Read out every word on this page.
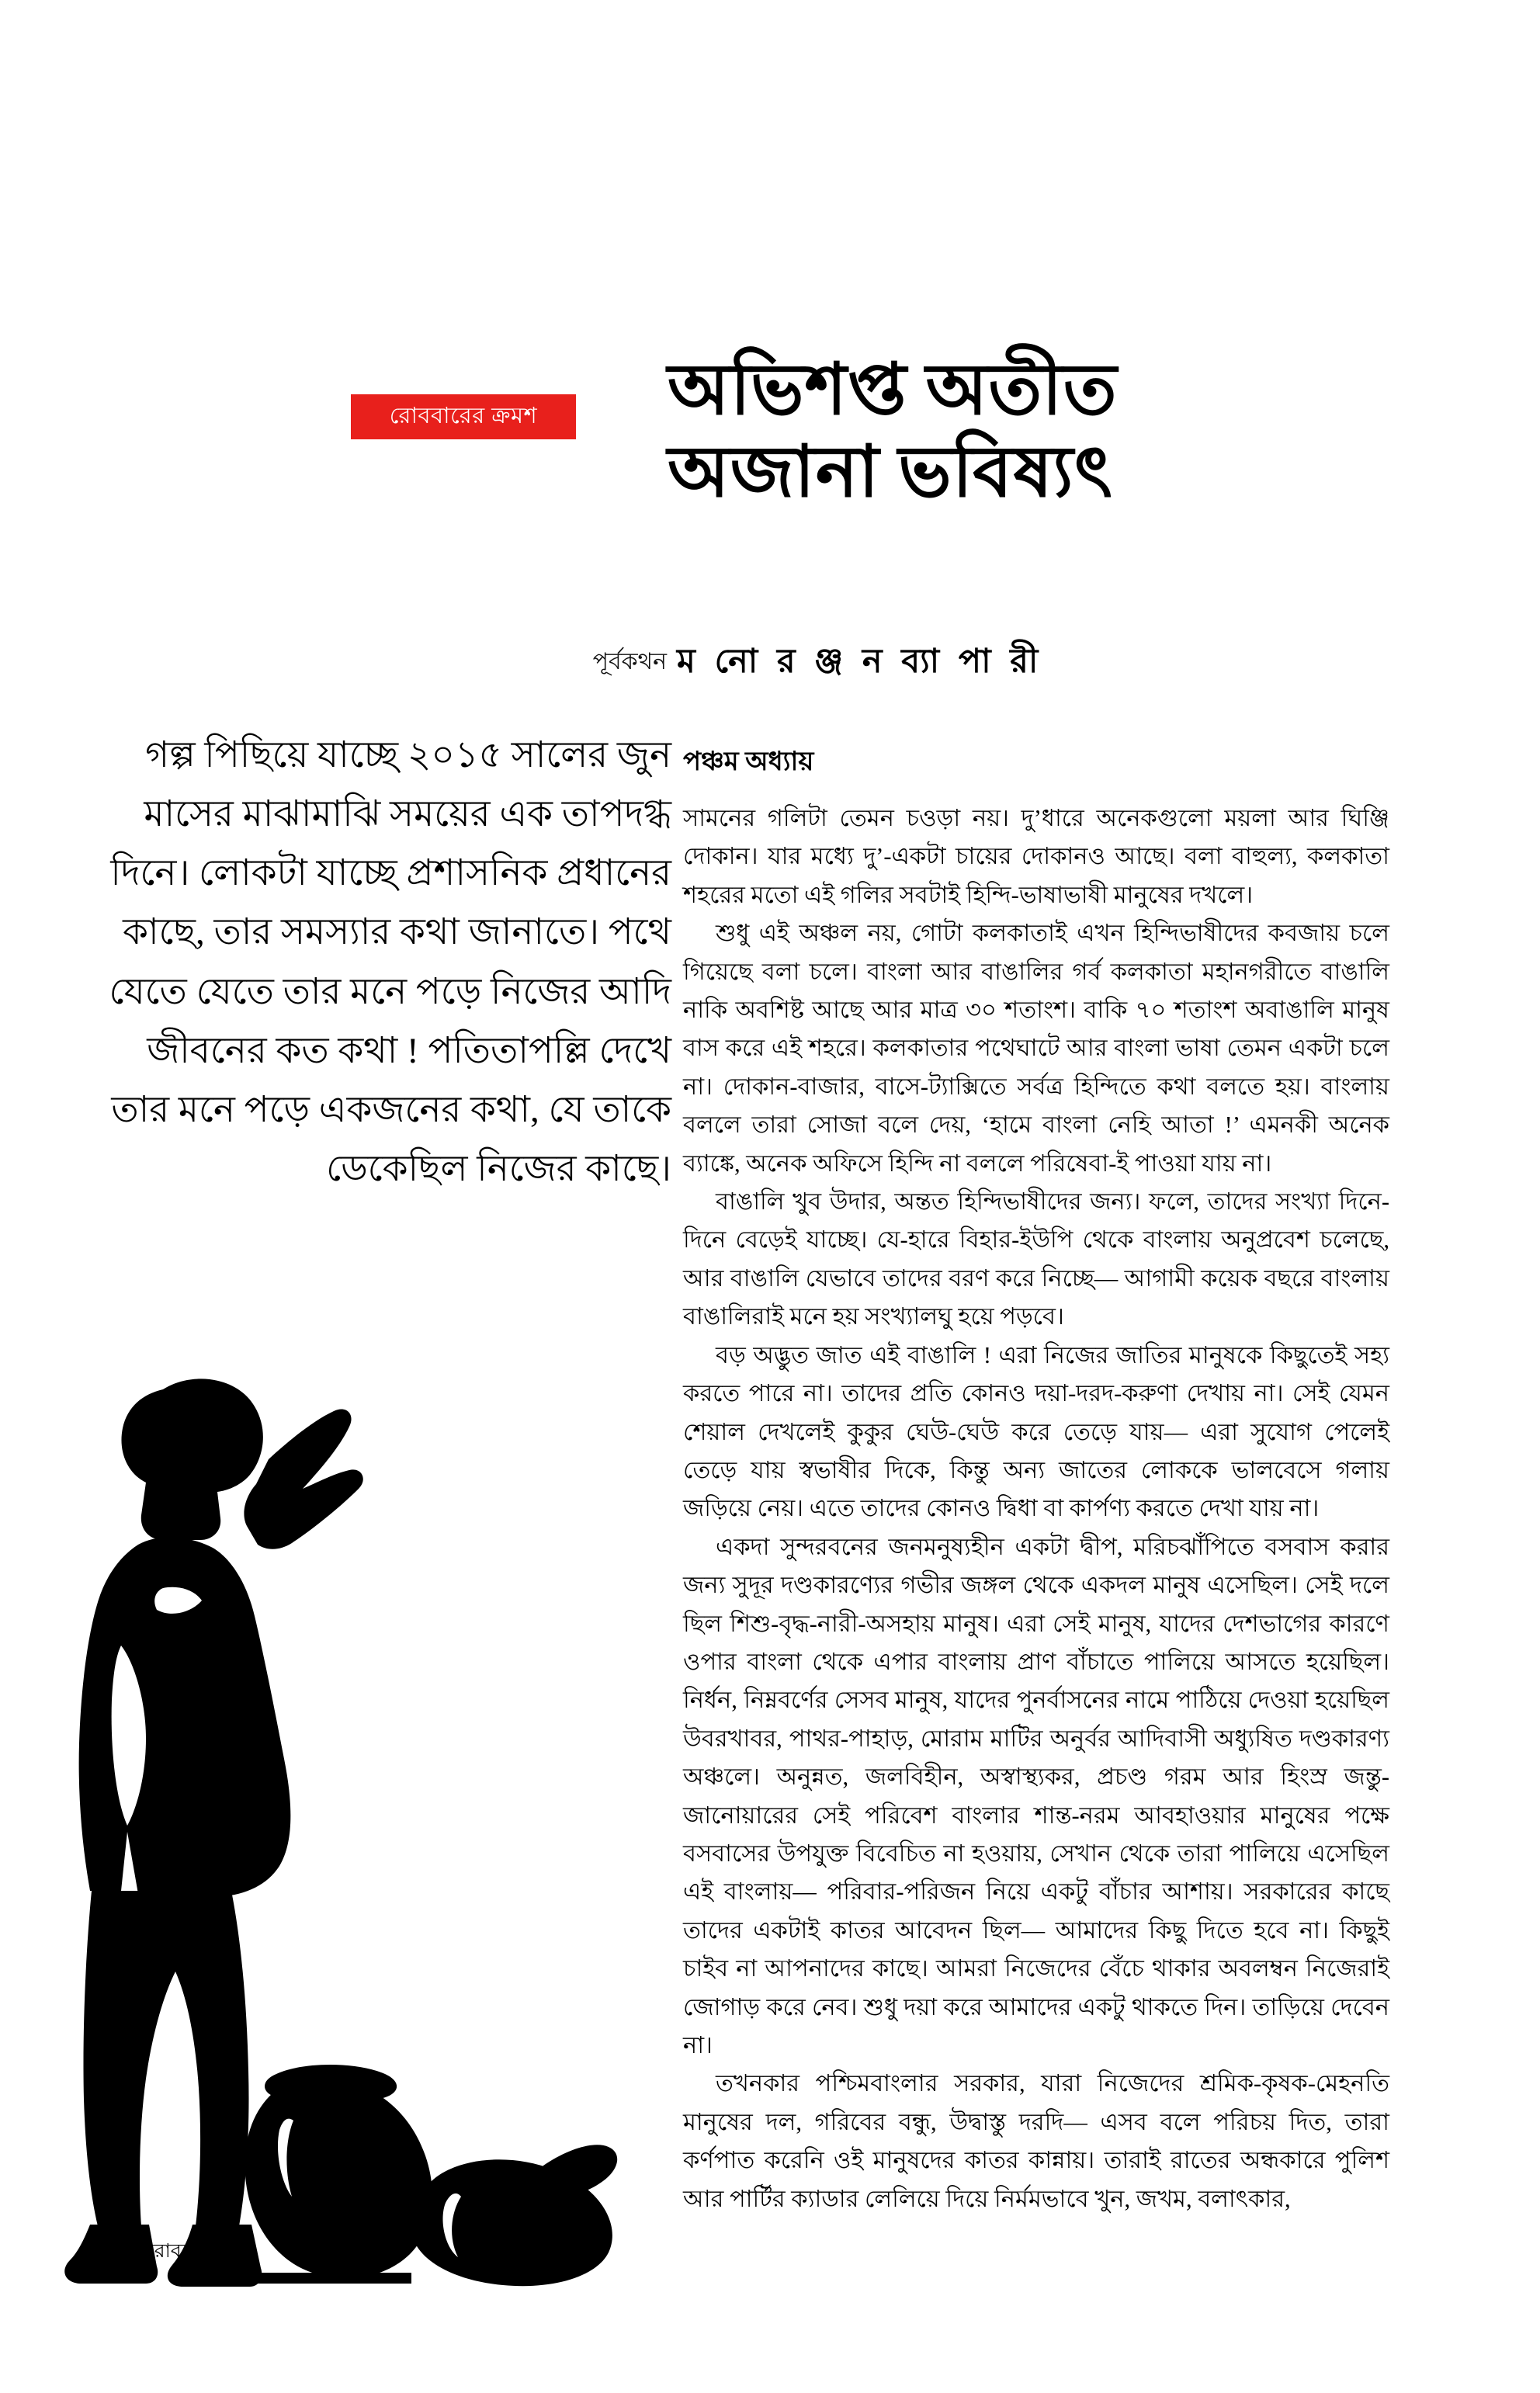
রোববারের ক্রমশ	অভিশপ্ত অতীত
অজানা ভবিষ্যৎ
ম নো র ঞ্জ ন ব্যা পা রী
পূর্বকথন
গল্প পিছিয়ে যাচ্ছে ২০১৫ সালের জুন মাসের মাঝামাঝি সময়ের এক তাপদগ্ধ দিনে। লোকটা যাচ্ছে প্রশাসনিক প্রধানের কাছে, তার সমস্যার কথা জানাতে। পথে যেতে যেতে তার মনে পড়ে নিজের আদি জীবনের কত কথা ! পতিতাপল্লি দেখে তার মনে পড়ে একজনের কথা, যে তাকে ডেকেছিল নিজের কাছে।
পঞ্চম অধ্যায়

সামনের গলিটা তেমন চওড়া নয়। দু’ধারে অনেকগুলো ময়লা আর ঘিঞ্জি দোকান। যার মধ্যে দু’-একটা চায়ের দোকানও আছে। বলা বাহুল্য, কলকাতা শহরের মতো এই গলির সবটাই হিন্দি-ভাষাভাষী মানুষের দখলে।

শুধু এই অঞ্চল নয়, গোটা কলকাতাই এখন হিন্দিভাষীদের কবজায় চলে গিয়েছে বলা চলে। বাংলা আর বাঙালির গর্ব কলকাতা মহানগরীতে বাঙালি নাকি অবশিষ্ট আছে আর মাত্র ৩০ শতাংশ। বাকি ৭০ শতাংশ অবাঙালি মানুষ বাস করে এই শহরে। কলকাতার পথেঘাটে আর বাংলা ভাষা তেমন একটা চলে না। দোকান-বাজার, বাসে-ট্যাক্সিতে সর্বত্র হিন্দিতে কথা বলতে হয়। বাংলায় বললে তারা সোজা বলে দেয়, ‘হামে বাংলা নেহি আতা !’ এমনকী অনেক ব্যাঙ্কে, অনেক অফিসে হিন্দি না বললে পরিষেবা-ই পাওয়া যায় না।

বাঙালি খুব উদার, অন্তত হিন্দিভাষীদের জন্য। ফলে, তাদের সংখ্যা দিনে-দিনে বেড়েই যাচ্ছে। যে-হারে বিহার-ইউপি থেকে বাংলায় অনুপ্রবেশ চলেছে, আর বাঙালি যেভাবে তাদের বরণ করে নিচ্ছে— আগামী কয়েক বছরে বাংলায় বাঙালিরাই মনে হয় সংখ্যালঘু হয়ে পড়বে।

বড় অদ্ভুত জাত এই বাঙালি ! এরা নিজের জাতির মানুষকে কিছুতেই সহ্য করতে পারে না। তাদের প্রতি কোনও দয়া-দরদ-করুণা দেখায় না। সেই যেমন শেয়াল দেখলেই কুকুর ঘেউ-ঘেউ করে তেড়ে যায়— এরা সুযোগ পেলেই তেড়ে যায় স্বভাষীর দিকে, কিন্তু অন্য জাতের লোককে ভালবেসে গলায় জড়িয়ে নেয়। এতে তাদের কোনও দ্বিধা বা কার্পণ্য করতে দেখা যায় না।

একদা সুন্দরবনের জনমনুষ্যহীন একটা দ্বীপ, মরিচঝাঁপিতে বসবাস করার জন্য সুদূর দণ্ডকারণ্যের গভীর জঙ্গল থেকে একদল মানুষ এসেছিল। সেই দলে ছিল শিশু-বৃদ্ধ-নারী-অসহায় মানুষ। এরা সেই মানুষ, যাদের দেশভাগের কারণে ওপার বাংলা থেকে এপার বাংলায় প্রাণ বাঁচাতে পালিয়ে আসতে হয়েছিল। নির্ধন, নিম্নবর্ণের সেসব মানুষ, যাদের পুনর্বাসনের নামে পাঠিয়ে দেওয়া হয়েছিল উবরখাবর, পাথর-পাহাড়, মোরাম মাটির অনুর্বর আদিবাসী অধ্যুষিত দণ্ডকারণ্য অঞ্চলে। অনুন্নত, জলবিহীন, অস্বাস্থ্যকর, প্রচণ্ড গরম আর হিংস্র জন্তু-জানোয়ারের সেই পরিবেশ বাংলার শান্ত-নরম আবহাওয়ার মানুষের পক্ষে বসবাসের উপযুক্ত বিবেচিত না হওয়ায়, সেখান থেকে তারা পালিয়ে এসেছিল এই বাংলায়— পরিবার-পরিজন নিয়ে একটু বাঁচার আশায়। সরকারের কাছে তাদের একটাই কাতর আবেদন ছিল— আমাদের কিছু দিতে হবে না। কিছুই চাইব না আপনাদের কাছে। আমরা নিজেদের বেঁচে থাকার অবলম্বন নিজেরাই জোগাড় করে নেব। শুধু দয়া করে আমাদের একটু থাকতে দিন। তাড়িয়ে দেবেন না।

তখনকার পশ্চিমবাংলার সরকার, যারা নিজেদের শ্রমিক-কৃষক-মেহনতি মানুষের দল, গরিবের বন্ধু, উদ্বাস্তু দরদি— এসব বলে পরিচয় দিত, তারা কর্ণপাত করেনি ওই মানুষদের কাতর কান্নায়। তারাই রাতের অন্ধকারে পুলিশ আর পার্টির ক্যাডার লেলিয়ে দিয়ে নির্মমভাবে খুন, জখম, বলাৎকার,

২৬ রোববার
